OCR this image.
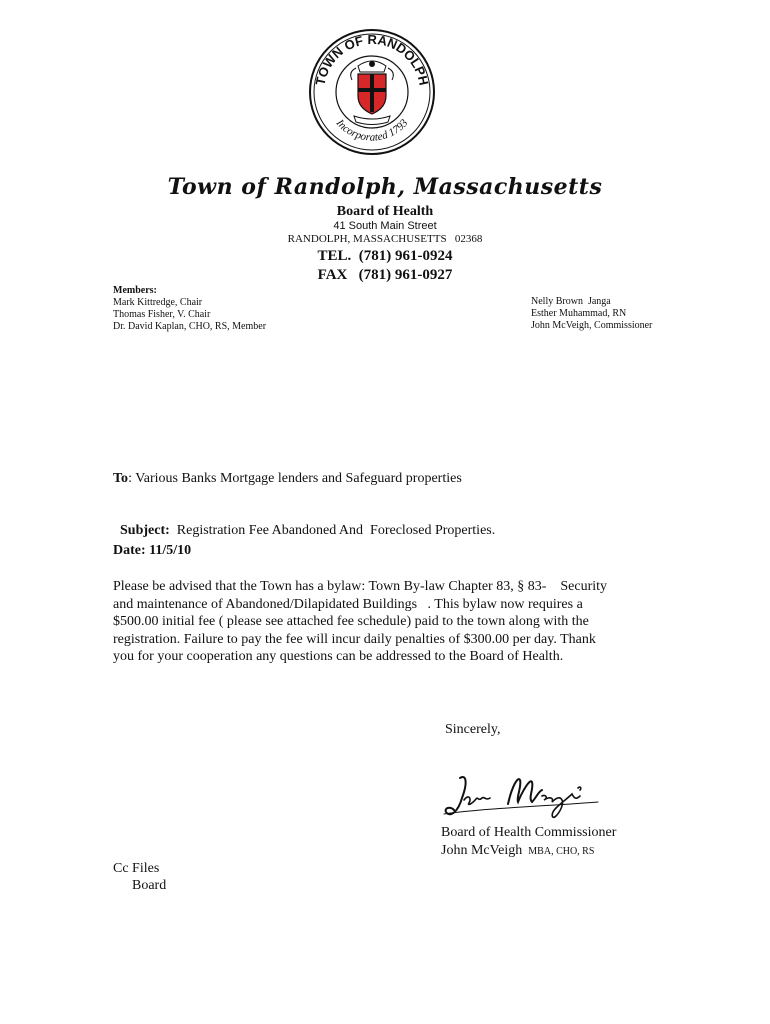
TOWN OF RANDOLPH
Incorporated 1793
Town of Randolph, Massachusetts
Board of Health
41 South Main Street
RANDOLPH, MASSACHUSETTS   02368
TEL.  (781) 961-0924
FAX   (781) 961-0927
Members:
Mark Kittredge, Chair
Thomas Fisher, V. Chair
Dr. David Kaplan, CHO, RS, Member
Nelly Brown  Janga
Esther Muhammad, RN
John McVeigh, Commissioner
To: Various Banks Mortgage lenders and Safeguard properties

Subject: Registration Fee Abandoned And  Foreclosed Properties.

Date: 11/5/10
Please be advised that the Town has a bylaw: Town By-law Chapter 83, § 83-    Security
and maintenance of Abandoned/Dilapidated Buildings   . This bylaw now requires a
$500.00 initial fee ( please see attached fee schedule) paid to the town along with the
registration. Failure to pay the fee will incur daily penalties of $300.00 per day. Thank
you for your cooperation any questions can be addressed to the Board of Health.
Sincerely,
Board of Health Commissioner
John McVeigh MBA, CHO, RS
Cc Files
Board
